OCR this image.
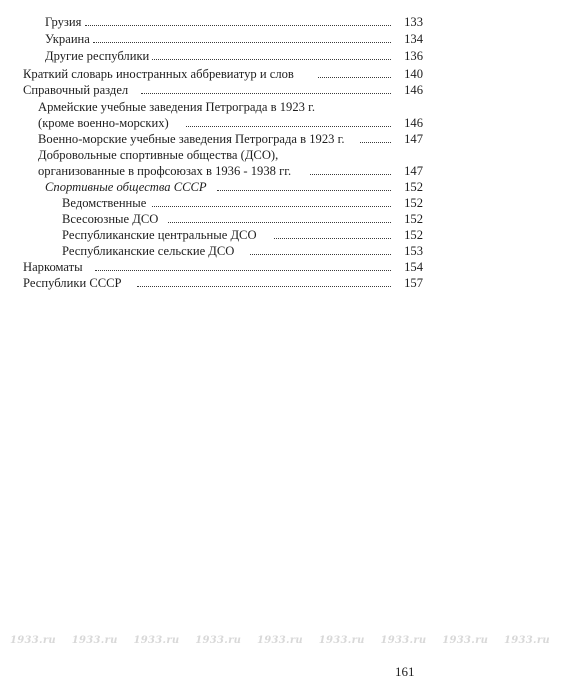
Грузия	133
Украина	134
Другие республики	136
Краткий словарь иностранных аббревиатур и слов	140
Справочный раздел	146
Армейские учебные заведения Петрограда в 1923 г.
(кроме военно-морских)	146
Военно-морские учебные заведения Петрограда в 1923 г.	147
Добровольные спортивные общества (ДСО),
организованные в профсоюзах в 1936 - 1938 гг.	147
Спортивные общества СССР	152
Ведомственные	152
Всесоюзные ДСО	152
Республиканские центральные ДСО	152
Республиканские сельские ДСО	153
Наркоматы	154
Республики СССР	157
1933.ru 1933.ru 1933.ru 1933.ru 1933.ru 1933.ru 1933.ru 1933.ru 1933.ru
161
